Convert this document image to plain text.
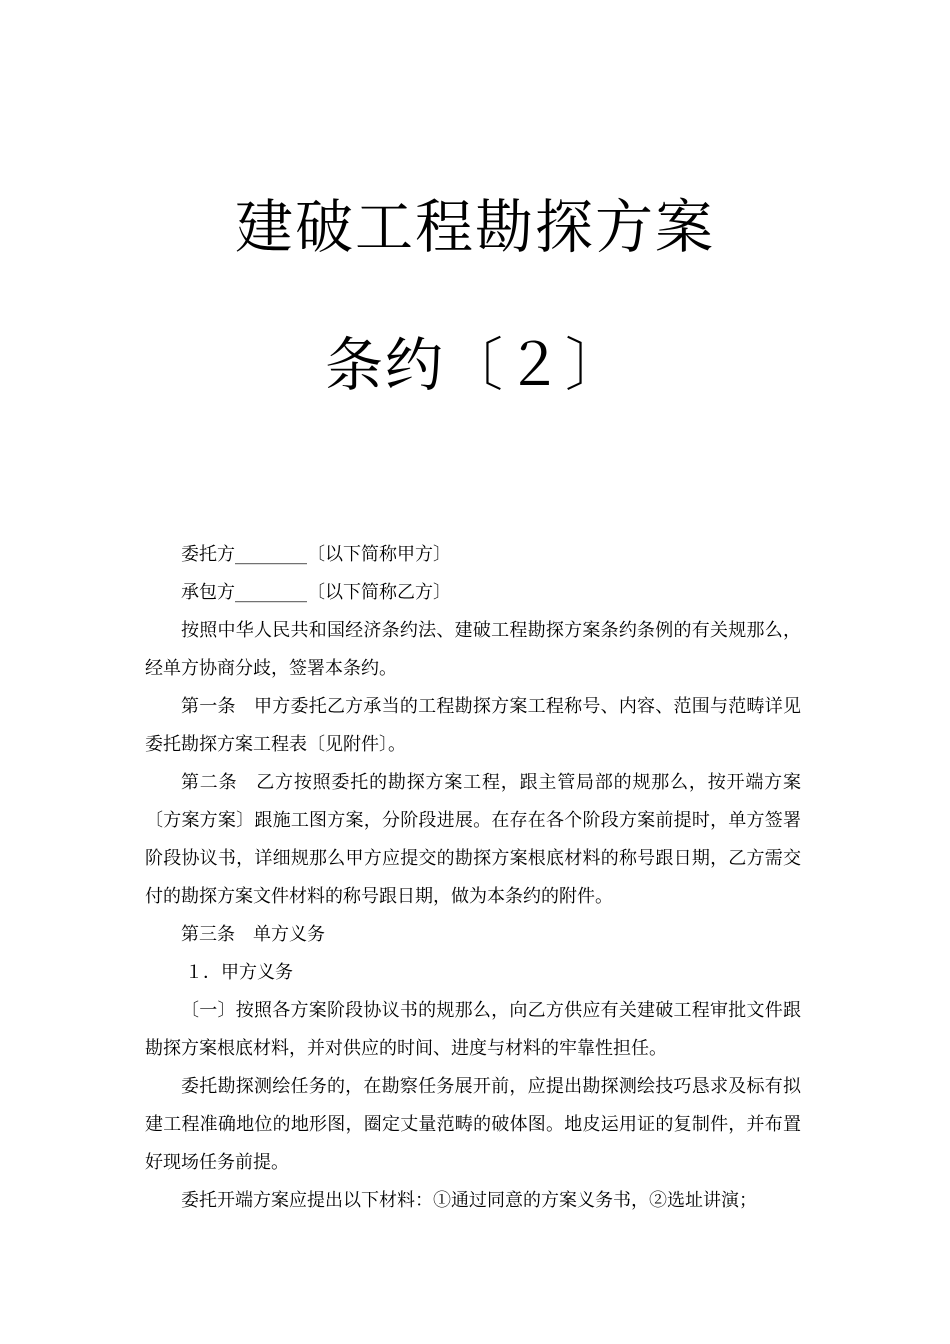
建破工程勘探方案
条约〔２〕

委托方________〔以下简称甲方〕

承包方________〔以下简称乙方〕

按照中华人民共和国经济条约法、建破工程勘探方案条约条例的有关规那么，经单方协商分歧，签署本条约。

第一条　甲方委托乙方承当的工程勘探方案工程称号、内容、范围与范畴详见委托勘探方案工程表〔见附件〕。

第二条　乙方按照委托的勘探方案工程，跟主管局部的规那么，按开端方案〔方案方案〕跟施工图方案，分阶段进展。在存在各个阶段方案前提时，单方签署阶段协议书，详细规那么甲方应提交的勘探方案根底材料的称号跟日期，乙方需交付的勘探方案文件材料的称号跟日期，做为本条约的附件。

第三条　单方义务

１．甲方义务

〔一〕按照各方案阶段协议书的规那么，向乙方供应有关建破工程审批文件跟勘探方案根底材料，并对供应的时间、进度与材料的牢靠性担任。

委托勘探测绘任务的，在勘察任务展开前，应提出勘探测绘技巧恳求及标有拟建工程准确地位的地形图，圈定丈量范畴的破体图。地皮运用证的复制件，并布置好现场任务前提。

委托开端方案应提出以下材料：①通过同意的方案义务书，②选址讲演；
